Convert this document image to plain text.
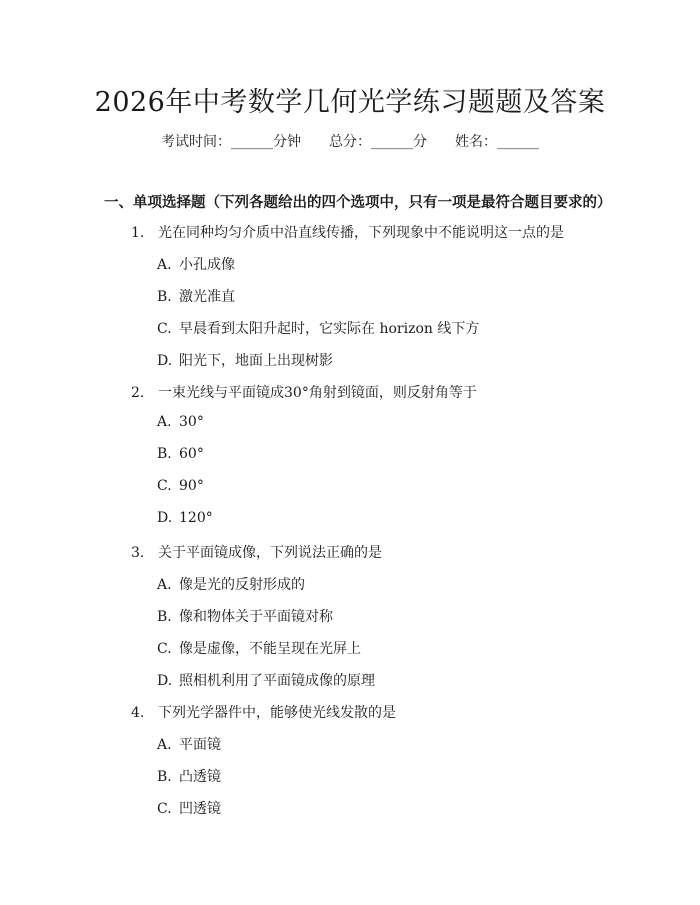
2026年中考数学几何光学练习题题及答案
考试时间：______分钟 总分：______分 姓名：______
一、单项选择题（下列各题给出的四个选项中，只有一项是最符合题目要求的）
1. 光在同种均匀介质中沿直线传播，下列现象中不能说明这一点的是
A. 小孔成像
B. 激光准直
C. 早晨看到太阳升起时，它实际在 horizon 线下方
D. 阳光下，地面上出现树影
2. 一束光线与平面镜成30°角射到镜面，则反射角等于
A. 30°
B. 60°
C. 90°
D. 120°
3. 关于平面镜成像，下列说法正确的是
A. 像是光的反射形成的
B. 像和物体关于平面镜对称
C. 像是虚像，不能呈现在光屏上
D. 照相机利用了平面镜成像的原理
4. 下列光学器件中，能够使光线发散的是
A. 平面镜
B. 凸透镜
C. 凹透镜
